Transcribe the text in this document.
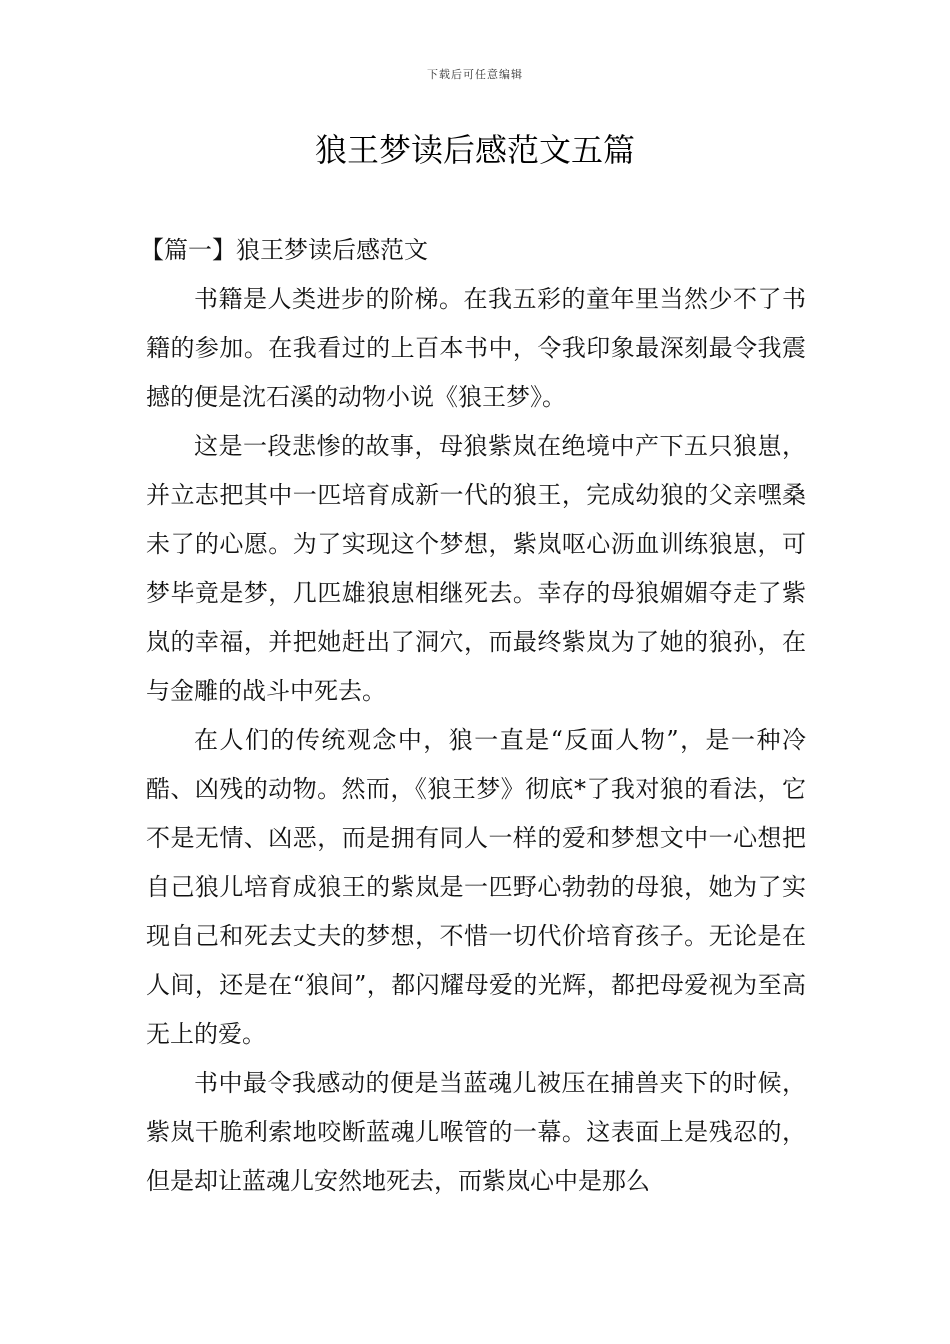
下载后可任意编辑
狼王梦读后感范文五篇
【篇一】狼王梦读后感范文

书籍是人类进步的阶梯。在我五彩的童年里当然少不了书籍的参加。在我看过的上百本书中，令我印象最深刻最令我震撼的便是沈石溪的动物小说《狼王梦》。

这是一段悲惨的故事，母狼紫岚在绝境中产下五只狼崽，并立志把其中一匹培育成新一代的狼王，完成幼狼的父亲嘿桑未了的心愿。为了实现这个梦想，紫岚呕心沥血训练狼崽，可梦毕竟是梦，几匹雄狼崽相继死去。幸存的母狼媚媚夺走了紫岚的幸福，并把她赶出了洞穴，而最终紫岚为了她的狼孙，在与金雕的战斗中死去。

在人们的传统观念中，狼一直是“反面人物”，是一种冷酷、凶残的动物。然而，《狼王梦》彻底*了我对狼的看法，它不是无情、凶恶，而是拥有同人一样的爱和梦想文中一心想把自己狼儿培育成狼王的紫岚是一匹野心勃勃的母狼，她为了实现自己和死去丈夫的梦想，不惜一切代价培育孩子。无论是在人间，还是在“狼间”，都闪耀母爱的光辉，都把母爱视为至高无上的爱。

书中最令我感动的便是当蓝魂儿被压在捕兽夹下的时候，紫岚干脆利索地咬断蓝魂儿喉管的一幕。这表面上是残忍的，但是却让蓝魂儿安然地死去，而紫岚心中是那么
